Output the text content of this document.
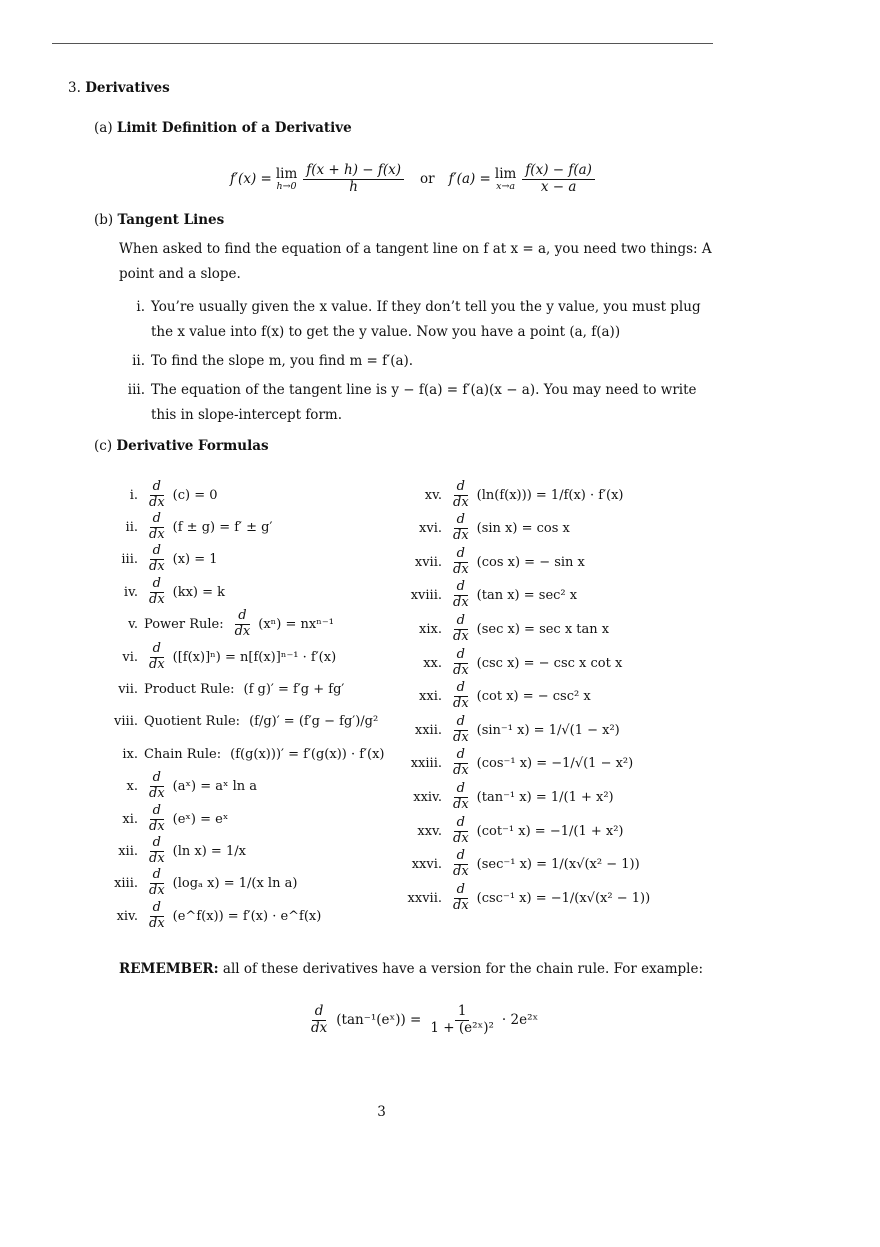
3. Derivatives
(a) Limit Definition of a Derivative
f′(x) = lim
$h\to 0 \frac{f(x + h) - f(x)}{h}$ or f′(a) = lim
$x\to a \frac{f(x) - f(a)}{x - a}$
(b) Tangent Lines
When asked to find the equation of a tangent line on f at x = a, you need two things: A point and a slope.
i. You’re usually given the x value. If they don’t tell you the y value, you must plug the x value into f(x) to get the y value. Now you have a point (a, f(a))
ii. To find the slope m, you find m = f′(a).
iii. The equation of the tangent line is y − f(a) = f′(a)(x − a). You may need to write this in slope-intercept form.
(c) Derivative Formulas
i. $\frac{d}{dx} (c) = 0$
ii. $\frac{d}{dx} (f \pm g) = f' \pm g'$
iii. $\frac{d}{dx} (x) = 1$
iv. $\frac{d}{dx} (kx) = k$
v. Power Rule: $\frac{d}{dx} (x^n) = nx^{n-1}$
vi. $\frac{d}{dx} ([f(x)]^n) = n[f(x)]^{n-1} \cdot f'(x)$
vii. Product Rule: (f g)′ = f′g + fg′
viii. Quotient Rule: (f/g)′ = (f′g − fg′)/g²
ix. Chain Rule: (f(g(x)))′ = f′(g(x)) · f′(x)
x. $\frac{d}{dx}$ (aˣ) = aˣ ln a
xi. $\frac{d}{dx}$ (eˣ) = eˣ
xii. $\frac{d}{dx} (\ln$ x) = 1/x
xiii. $\frac{d}{dx} (\log_a$ x) = 1/(x ln a)
xiv. $\frac{d}{dx}$ (e^f(x)) = f′(x) · e^f(x)
xv. $\frac{d}{dx} (\ln(f(x))) = 1/f(x) \cdot f'(x)$
xvi. $\frac{d}{dx} (\sin$ x) = cos x
xvii. $\frac{d}{dx} (\cos$ x) = − sin x
xviii. $\frac{d}{dx} (\tan$ x) = sec² x
xix. $\frac{d}{dx} (\sec$ x) = sec x tan x
xx. $\frac{d}{dx} (\csc$ x) = − csc x cot x
xxi. $\frac{d}{dx} (\cot$ x) = − csc² x
xxii. $\frac{d}{dx} (\sin^{-1}$ x) = 1/√(1 − x²)
xxiii. $\frac{d}{dx} (\cos^{-1}$ x) = −1/√(1 − x²)
xxiv. $\frac{d}{dx} (\tan^{-1}$ x) = 1/(1 + x²)
xxv. $\frac{d}{dx} (\cot^{-1}$ x) = −1/(1 + x²)
xxvi. $\frac{d}{dx} (\sec^{-1}$ x) = 1/(x√(x² − 1))
xxvii. $\frac{d}{dx} (\csc^{-1}$ x) = −1/(x√(x² − 1))
REMEMBER: all of these derivatives have a version for the chain rule. For example:
$\frac{d}{dx}$ (tan⁻¹(eˣ)) = $\frac{1}{\text{1 + (e²ˣ)²}}$ · 2e²ˣ
3
